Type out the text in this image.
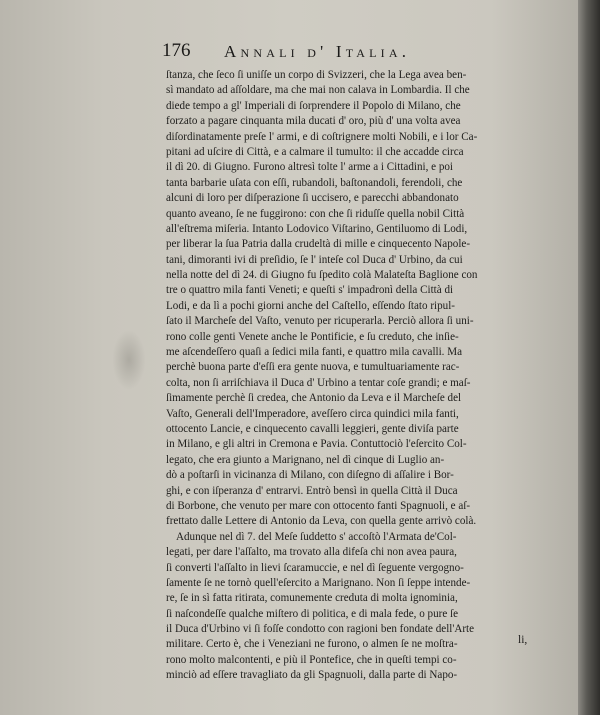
176 Annali d' Italia.
ſtanza, che ſeco ſi uniſſe un corpo di Svizzeri, che la Lega avea ben-
sì mandato ad aſſoldare, ma che mai non calava in Lombardia. Il che
diede tempo a gl' Imperiali di ſorprendere il Popolo di Milano, che
forzato a pagare cinquanta mila ducati d' oro, più d' una volta avea
diſordinatamente preſe l' armi, e di coſtrignere molti Nobili, e i lor Ca-
pitani ad uſcire di Città, e a calmare il tumulto: il che accadde circa
il dì 20. di Giugno. Furono altresì tolte l' arme a i Cittadini, e poi
tanta barbarie uſata con eſſi, rubandoli, baſtonandoli, ferendoli, che
alcuni di loro per diſperazione ſi uccisero, e parecchi abbandonato
quanto aveano, ſe ne fuggirono: con che ſi riduſſe quella nobil Città
all'eſtrema miſeria. Intanto Lodovico Viſtarino, Gentiluomo di Lodi,
per liberar la ſua Patria dalla crudeltà di mille e cinquecento Napole-
tani, dimoranti ivi di preſidio, ſe l' inteſe col Duca d' Urbino, da cui
nella notte del dì 24. di Giugno fu ſpedito colà Malateſta Baglione con
tre o quattro mila fanti Veneti; e queſti s' impadronì della Città di
Lodi, e da lì a pochi giorni anche del Caſtello, eſſendo ſtato ripul-
ſato il Marcheſe del Vaſto, venuto per ricuperarla. Perciò allora ſi uni-
rono colle genti Venete anche le Pontificie, e ſu creduto, che inſie-
me aſcendeſſero quaſi a ſedici mila fanti, e quattro mila cavalli. Ma
perchè buona parte d'eſſi era gente nuova, e tumultuariamente rac-
colta, non ſi arriſchiava il Duca d' Urbino a tentar coſe grandi; e maſ-
ſimamente perchè ſi credea, che Antonio da Leva e il Marcheſe del
Vaſto, Generali dell'Imperadore, aveſſero circa quindici mila fanti,
ottocento Lancie, e cinquecento cavalli leggieri, gente diviſa parte
in Milano, e gli altri in Cremona e Pavia. Contuttociò l'eſercito Col-
legato, che era giunto a Marignano, nel dì cinque di Luglio an-
dò a poſtarſi in vicinanza di Milano, con diſegno di aſſalire i Bor-
ghi, e con iſperanza d' entrarvi. Entrò bensì in quella Città il Duca
di Borbone, che venuto per mare con ottocento fanti Spagnuoli, e aſ-
frettato dalle Lettere di Antonio da Leva, con quella gente arrivò colà.
Adunque nel dì 7. del Meſe ſuddetto s' accoſtò l'Armata de'Col-
legati, per dare l'aſſalto, ma trovato alla difeſa chi non avea paura,
ſi converti l'aſſalto in lievi ſcaramuccie, e nel dì ſeguente vergogno-
ſamente ſe ne tornò quell'eſercito a Marignano. Non ſi ſeppe intende-
re, ſe in sì fatta ritirata, comunemente creduta di molta ignominia,
ſi naſcondeſſe qualche miſtero di politica, e di mala fede, o pure ſe
il Duca d'Urbino vi ſi foſſe condotto con ragioni ben fondate dell'Arte
militare. Certo è, che i Veneziani ne furono, o almen ſe ne moſtra-
rono molto malcontenti, e più il Pontefice, che in queſti tempi co-
minciò ad eſſere travagliato da gli Spagnuoli, dalla parte di Napo-
li,
